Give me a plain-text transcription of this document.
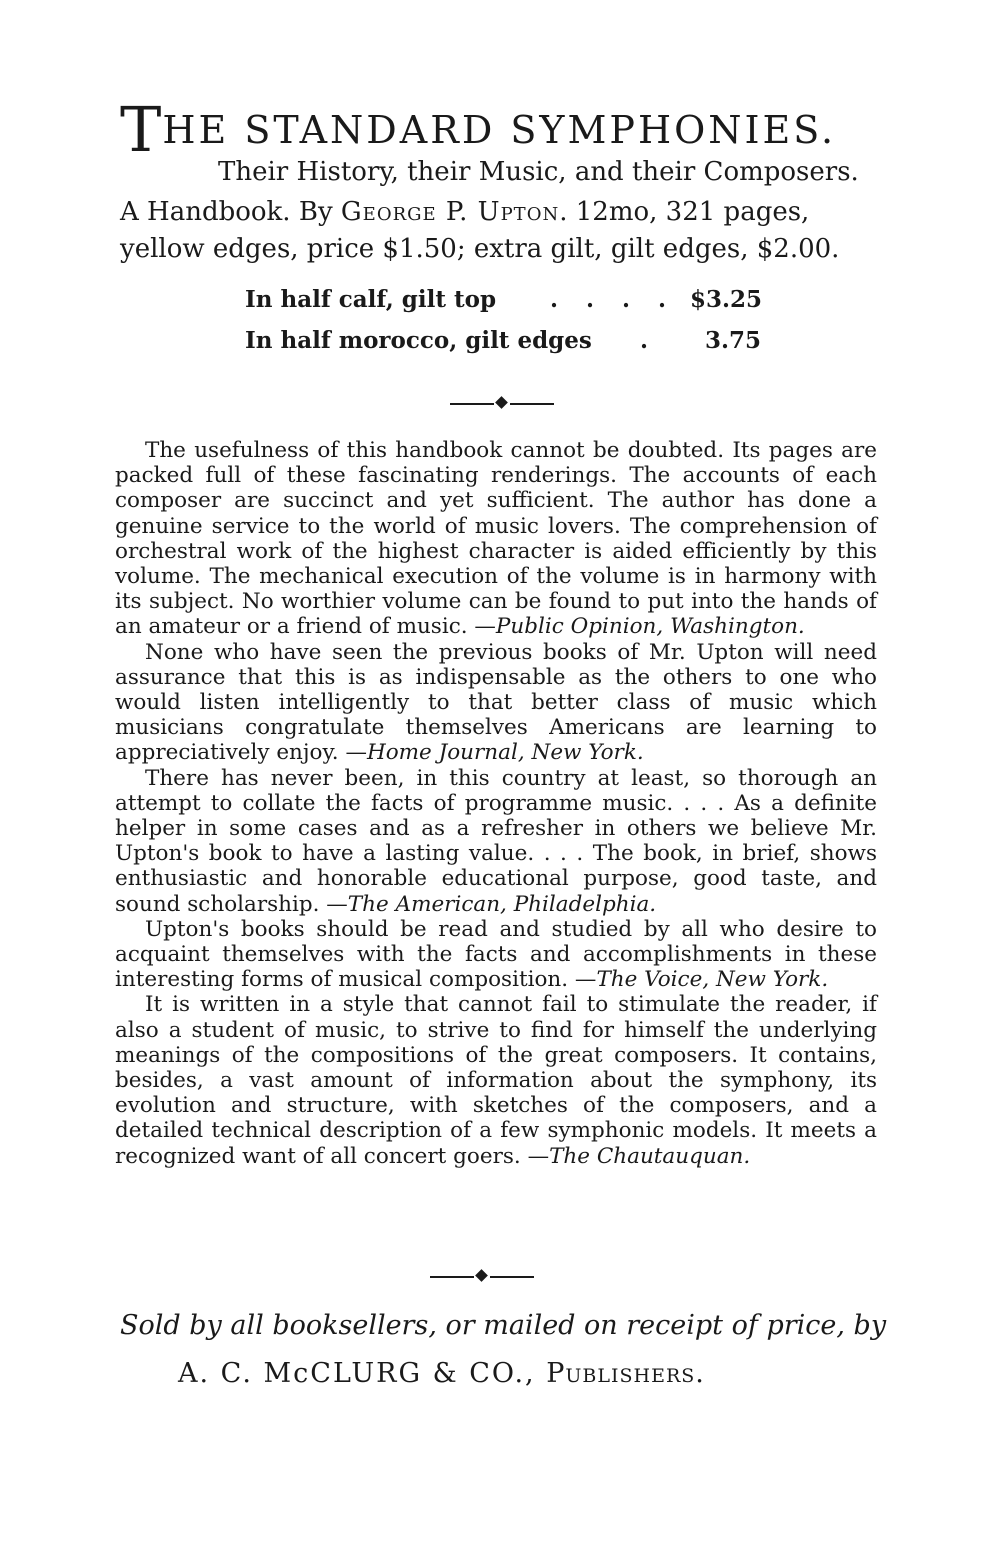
THE STANDARD SYMPHONIES.
Their History, their Music, and their Composers.
A Handbook. By George P. Upton. 12mo, 321 pages,
yellow edges, price $1.50; extra gilt, gilt edges, $2.00.
In half calf, gilt top . . . . $3.25
In half morocco, gilt edges . 3.75

The usefulness of this handbook cannot be doubted. Its pages are packed full of these fascinating renderings. The accounts of each composer are succinct and yet sufficient. The author has done a genuine service to the world of music lovers. The comprehension of orchestral work of the highest character is aided efficiently by this volume. The mechanical execution of the volume is in harmony with its subject. No worthier volume can be found to put into the hands of an amateur or a friend of music. —Public Opinion, Washington.

None who have seen the previous books of Mr. Upton will need assurance that this is as indispensable as the others to one who would listen intelligently to that better class of music which musicians congratulate themselves Americans are learning to appreciatively enjoy. —Home Journal, New York.

There has never been, in this country at least, so thorough an attempt to collate the facts of programme music. . . . As a definite helper in some cases and as a refresher in others we believe Mr. Upton's book to have a lasting value. . . . The book, in brief, shows enthusiastic and honorable educational purpose, good taste, and sound scholarship. —The American, Philadelphia.

Upton's books should be read and studied by all who desire to acquaint themselves with the facts and accomplishments in these interesting forms of musical composition. —The Voice, New York.

It is written in a style that cannot fail to stimulate the reader, if also a student of music, to strive to find for himself the underlying meanings of the compositions of the great composers. It contains, besides, a vast amount of information about the symphony, its evolution and structure, with sketches of the composers, and a detailed technical description of a few symphonic models. It meets a recognized want of all concert goers. —The Chautauquan.

Sold by all booksellers, or mailed on receipt of price, by
A. C. McCLURG & CO., Publishers.
